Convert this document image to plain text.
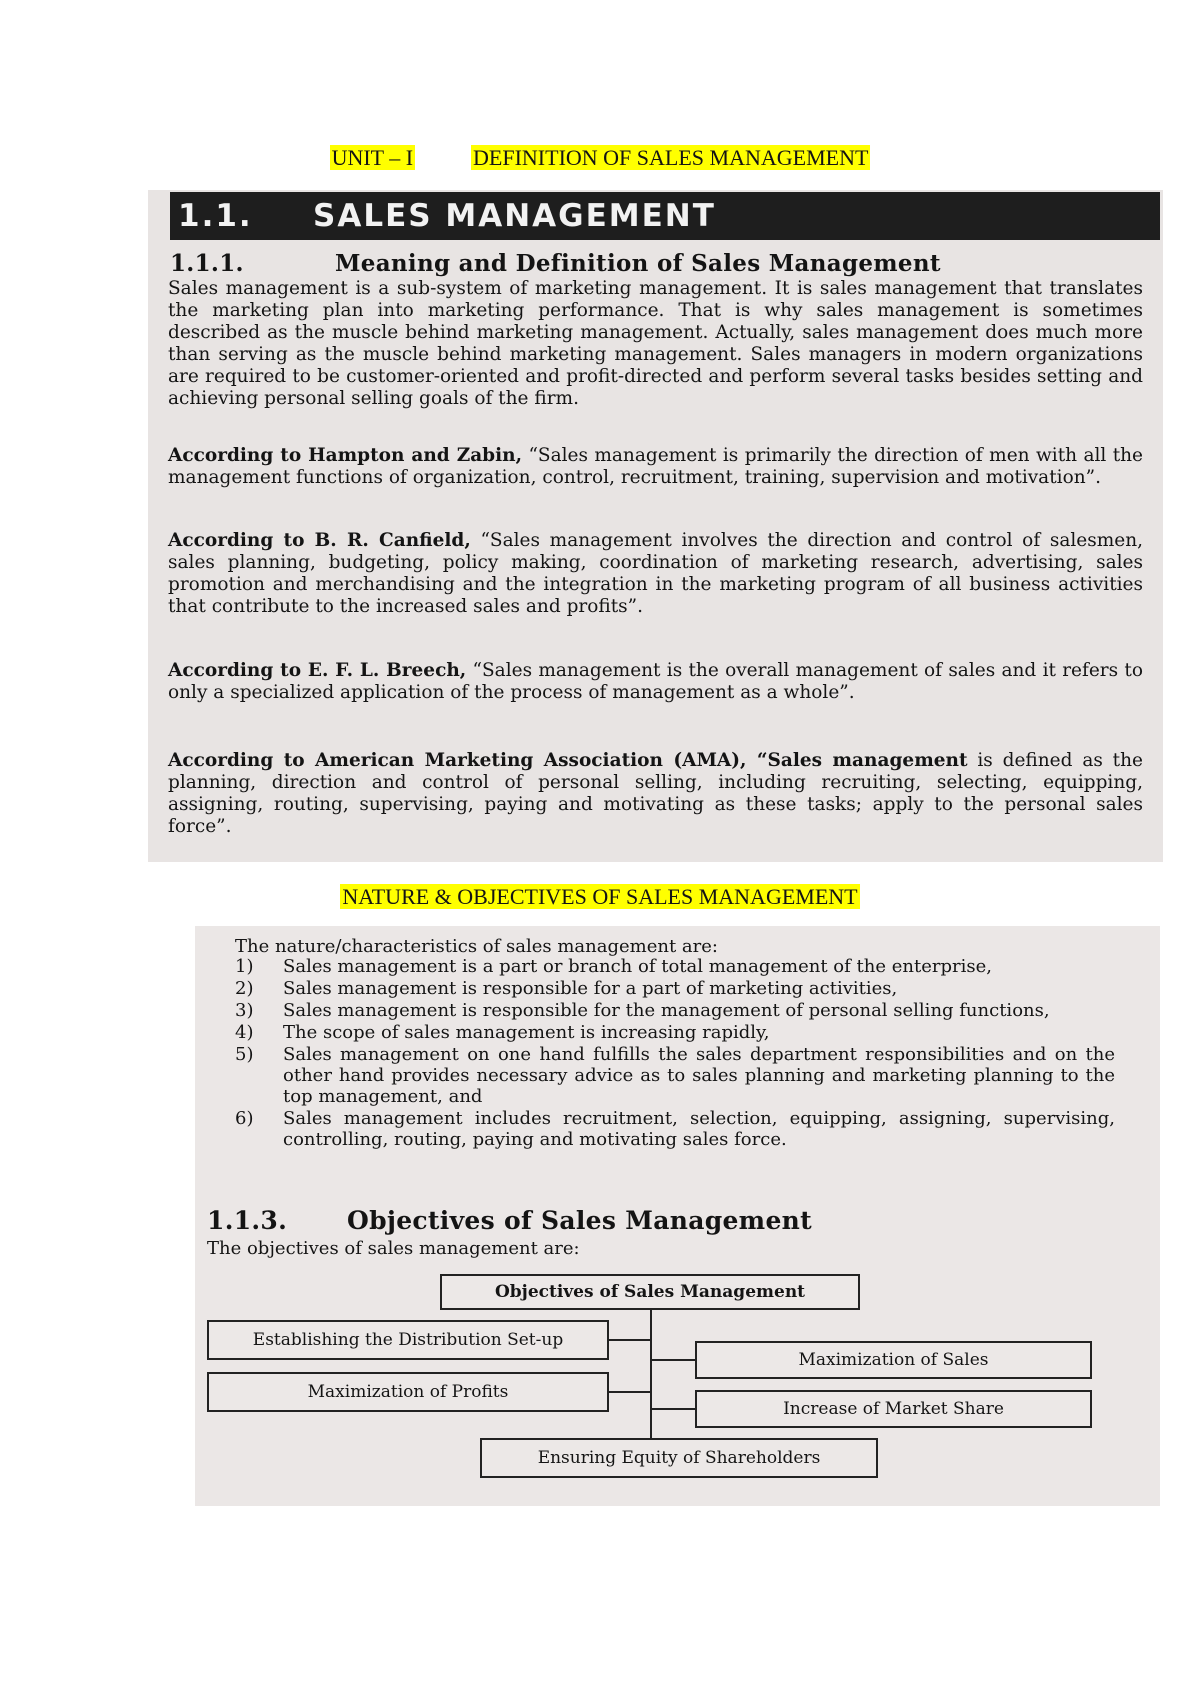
UNIT – I	DEFINITION OF SALES MANAGEMENT
1.1. SALES MANAGEMENT
1.1.1.	Meaning and Definition of Sales Management

Sales management is a sub-system of marketing management. It is sales management that translates the marketing plan into marketing performance. That is why sales management is sometimes described as the muscle behind marketing management. Actually, sales management does much more than serving as the muscle behind marketing management. Sales managers in modern organizations are required to be customer-oriented and profit-directed and perform several tasks besides setting and achieving personal selling goals of the firm.

According to Hampton and Zabin, “Sales management is primarily the direction of men with all the management functions of organization, control, recruitment, training, supervision and motivation”.

According to B. R. Canfield, “Sales management involves the direction and control of salesmen, sales planning, budgeting, policy making, coordination of marketing research, advertising, sales promotion and merchandising and the integration in the marketing program of all business activities that contribute to the increased sales and profits”.

According to E. F. L. Breech, “Sales management is the overall management of sales and it refers to only a specialized application of the process of management as a whole”.

According to American Marketing Association (AMA), “Sales management is defined as the planning, direction and control of personal selling, including recruiting, selecting, equipping, assigning, routing, supervising, paying and motivating as these tasks; apply to the personal sales force”.

NATURE & OBJECTIVES OF SALES MANAGEMENT
The nature/characteristics of sales management are:
1) Sales management is a part or branch of total management of the enterprise,
2) Sales management is responsible for a part of marketing activities,
3) Sales management is responsible for the management of personal selling functions,
4) The scope of sales management is increasing rapidly,
5) Sales management on one hand fulfills the sales department responsibilities and on the other hand provides necessary advice as to sales planning and marketing planning to the top management, and
6) Sales management includes recruitment, selection, equipping, assigning, supervising, controlling, routing, paying and motivating sales force.
1.1.3. Objectives of Sales Management
The objectives of sales management are:
Objectives of Sales Management
Establishing the Distribution Set-up
Maximization of Profits
Maximization of Sales
Increase of Market Share
Ensuring Equity of Shareholders
